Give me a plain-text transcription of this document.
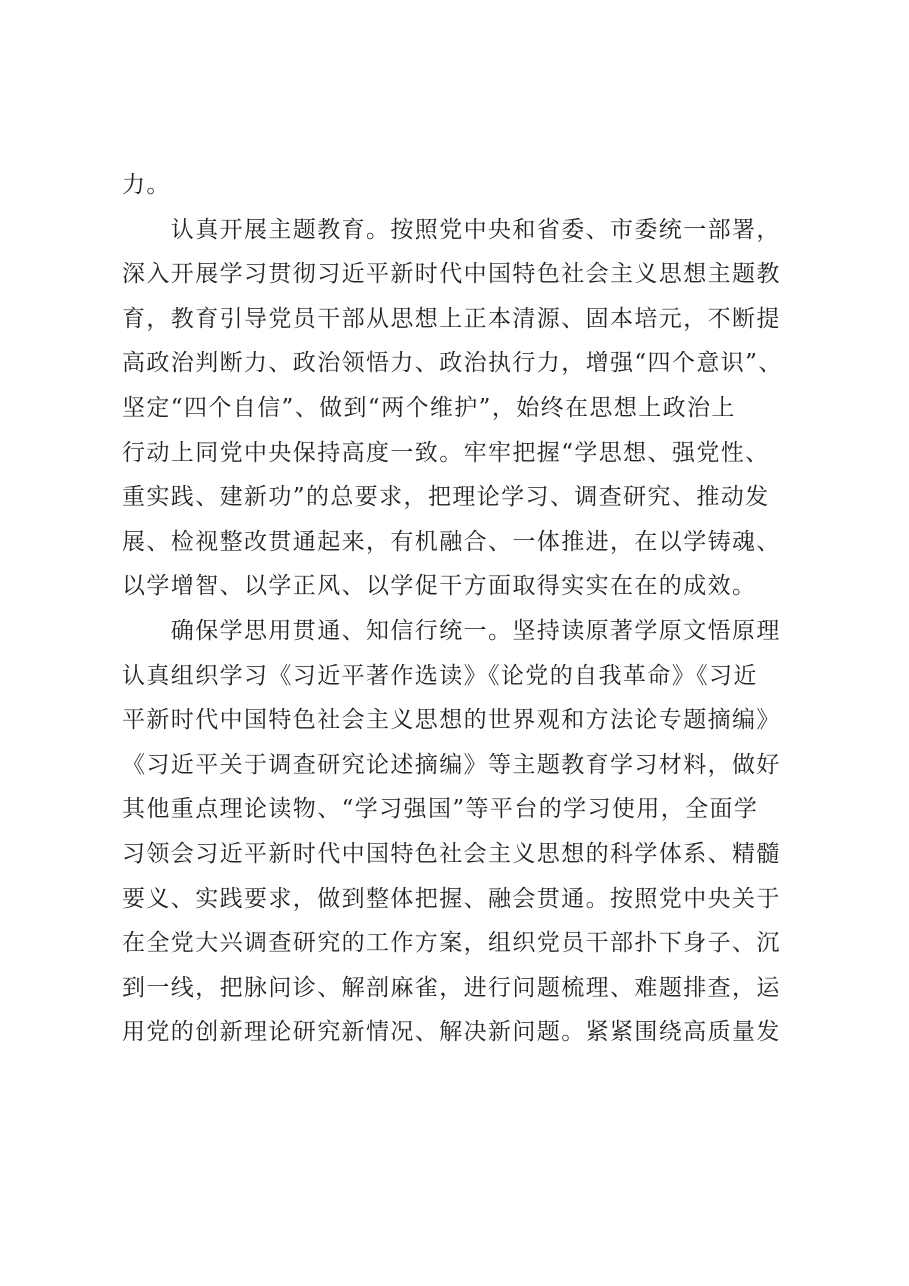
力。
　　认真开展主题教育。按照党中央和省委、市委统一部署，
深入开展学习贯彻习近平新时代中国特色社会主义思想主题教
育，教育引导党员干部从思想上正本清源、固本培元，不断提
高政治判断力、政治领悟力、政治执行力，增强“四个意识”、
坚定“四个自信”、做到“两个维护”，始终在思想上政治上
行动上同党中央保持高度一致。牢牢把握“学思想、强党性、
重实践、建新功”的总要求，把理论学习、调查研究、推动发
展、检视整改贯通起来，有机融合、一体推进，在以学铸魂、
以学增智、以学正风、以学促干方面取得实实在在的成效。
　　确保学思用贯通、知信行统一。坚持读原著学原文悟原理
认真组织学习《习近平著作选读》《论党的自我革命》《习近
平新时代中国特色社会主义思想的世界观和方法论专题摘编》
《习近平关于调查研究论述摘编》等主题教育学习材料，做好
其他重点理论读物、“学习强国”等平台的学习使用，全面学
习领会习近平新时代中国特色社会主义思想的科学体系、精髓
要义、实践要求，做到整体把握、融会贯通。按照党中央关于
在全党大兴调查研究的工作方案，组织党员干部扑下身子、沉
到一线，把脉问诊、解剖麻雀，进行问题梳理、难题排查，运
用党的创新理论研究新情况、解决新问题。紧紧围绕高质量发
